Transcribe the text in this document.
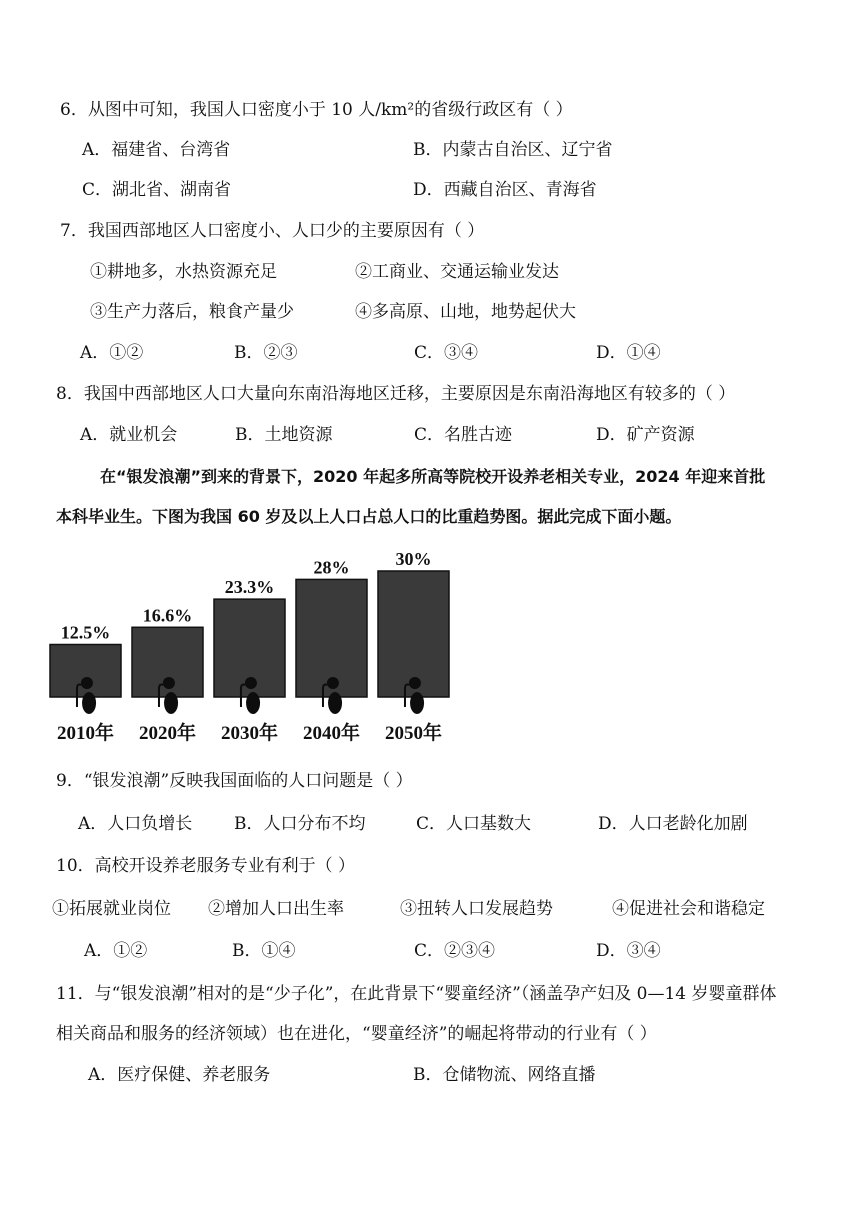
6．从图中可知，我国人口密度小于 10 人/km²的省级行政区有（ ）
A．福建省、台湾省	B．内蒙古自治区、辽宁省
C．湖北省、湖南省	D．西藏自治区、青海省
7．我国西部地区人口密度小、人口少的主要原因有（ ）
①耕地多，水热资源充足	②工商业、交通运输业发达
③生产力落后，粮食产量少	④多高原、山地，地势起伏大
A．①②	B．②③	C．③④	D．①④
8．我国中西部地区人口大量向东南沿海地区迁移，主要原因是东南沿海地区有较多的（ ）
A．就业机会	B．土地资源	C．名胜古迹	D．矿产资源
在“银发浪潮”到来的背景下，2020 年起多所高等院校开设养老相关专业，2024 年迎来首批
本科毕业生。下图为我国 60 岁及以上人口占总人口的比重趋势图。据此完成下面小题。
12.5%
2010年
16.6%
2020年
23.3%
2030年
28%
2040年
30%
2050年
9．“银发浪潮”反映我国面临的人口问题是（ ）
A．人口负增长 B．人口分布不均	C．人口基数大	D．人口老龄化加剧
10．高校开设养老服务专业有利于（ ）
①拓展就业岗位 ②增加人口出生率	③扭转人口发展趋势	④促进社会和谐稳定
A．①②	B．①④	C．②③④	D．③④
11．与“银发浪潮”相对的是“少子化”，在此背景下“婴童经济”（涵盖孕产妇及 0—14 岁婴童群体
相关商品和服务的经济领域）也在进化，“婴童经济”的崛起将带动的行业有（ ）
A．医疗保健、养老服务	B．仓储物流、网络直播
